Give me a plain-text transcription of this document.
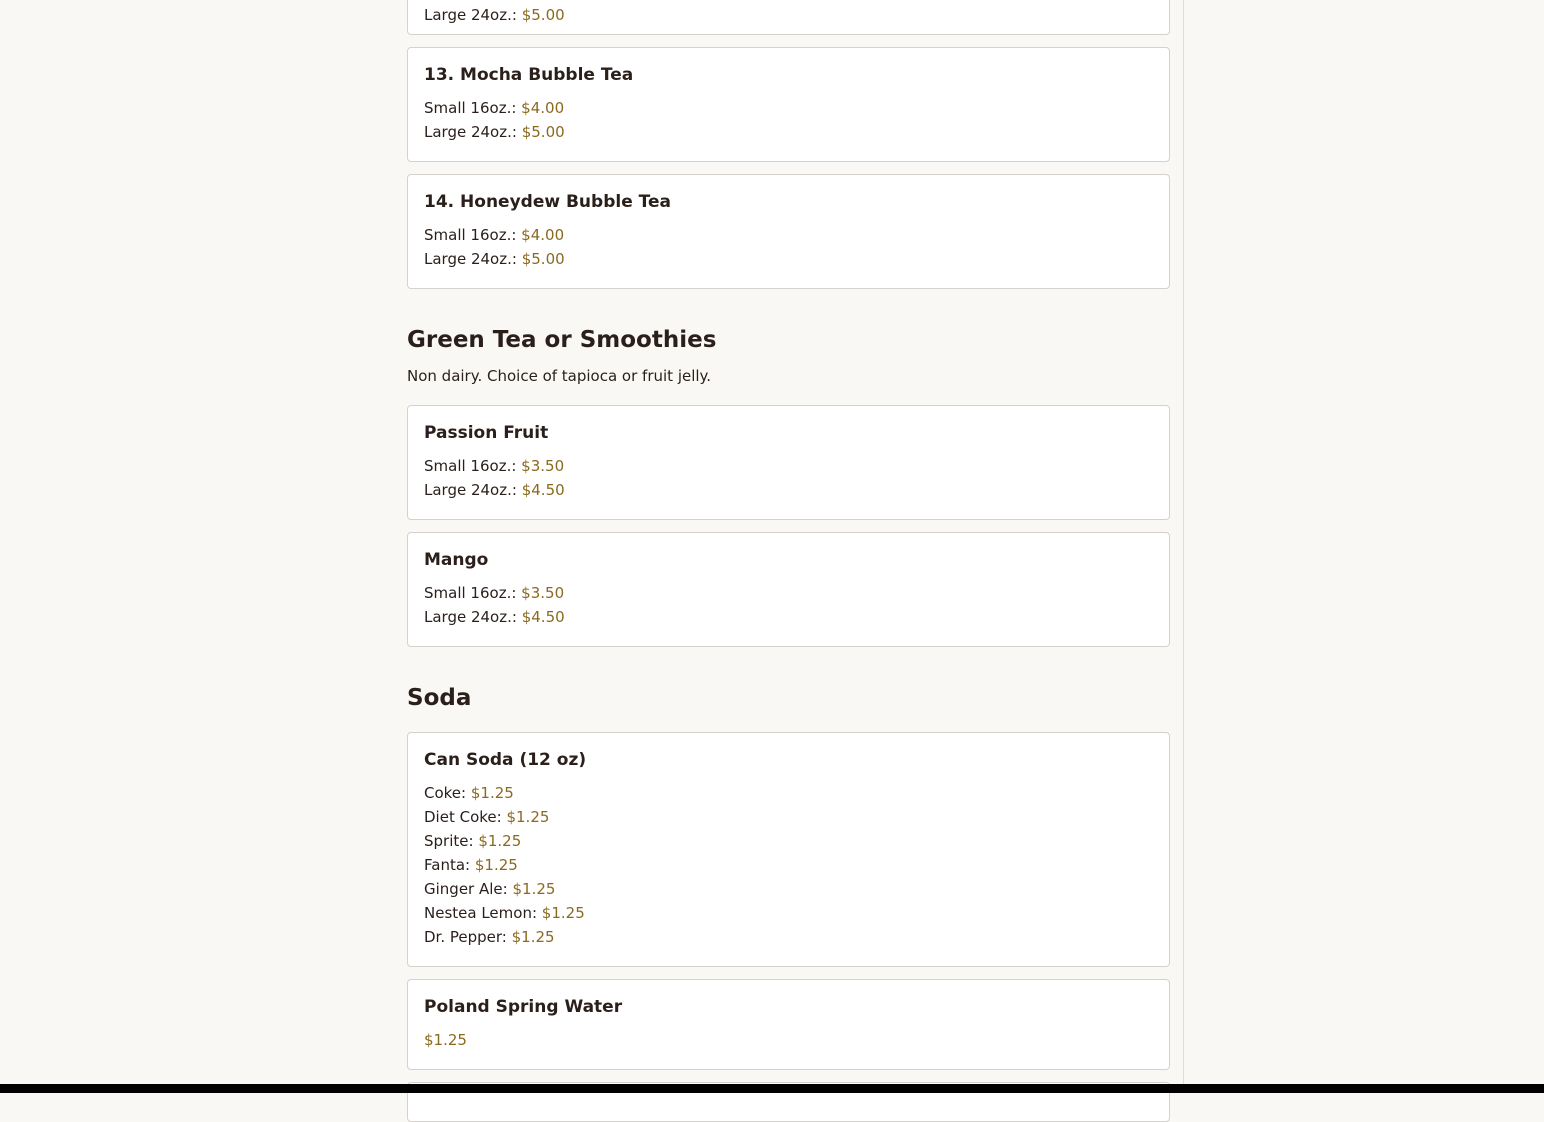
Large 24oz.: $5.00
13. Mocha Bubble Tea
Small 16oz.: $4.00
Large 24oz.: $5.00
14. Honeydew Bubble Tea
Small 16oz.: $4.00
Large 24oz.: $5.00
Green Tea or Smoothies
Non dairy. Choice of tapioca or fruit jelly.
Passion Fruit
Small 16oz.: $3.50
Large 24oz.: $4.50
Mango
Small 16oz.: $3.50
Large 24oz.: $4.50
Soda
Can Soda (12 oz)
Coke: $1.25
Diet Coke: $1.25
Sprite: $1.25
Fanta: $1.25
Ginger Ale: $1.25
Nestea Lemon: $1.25
Dr. Pepper: $1.25
Poland Spring Water
$1.25
